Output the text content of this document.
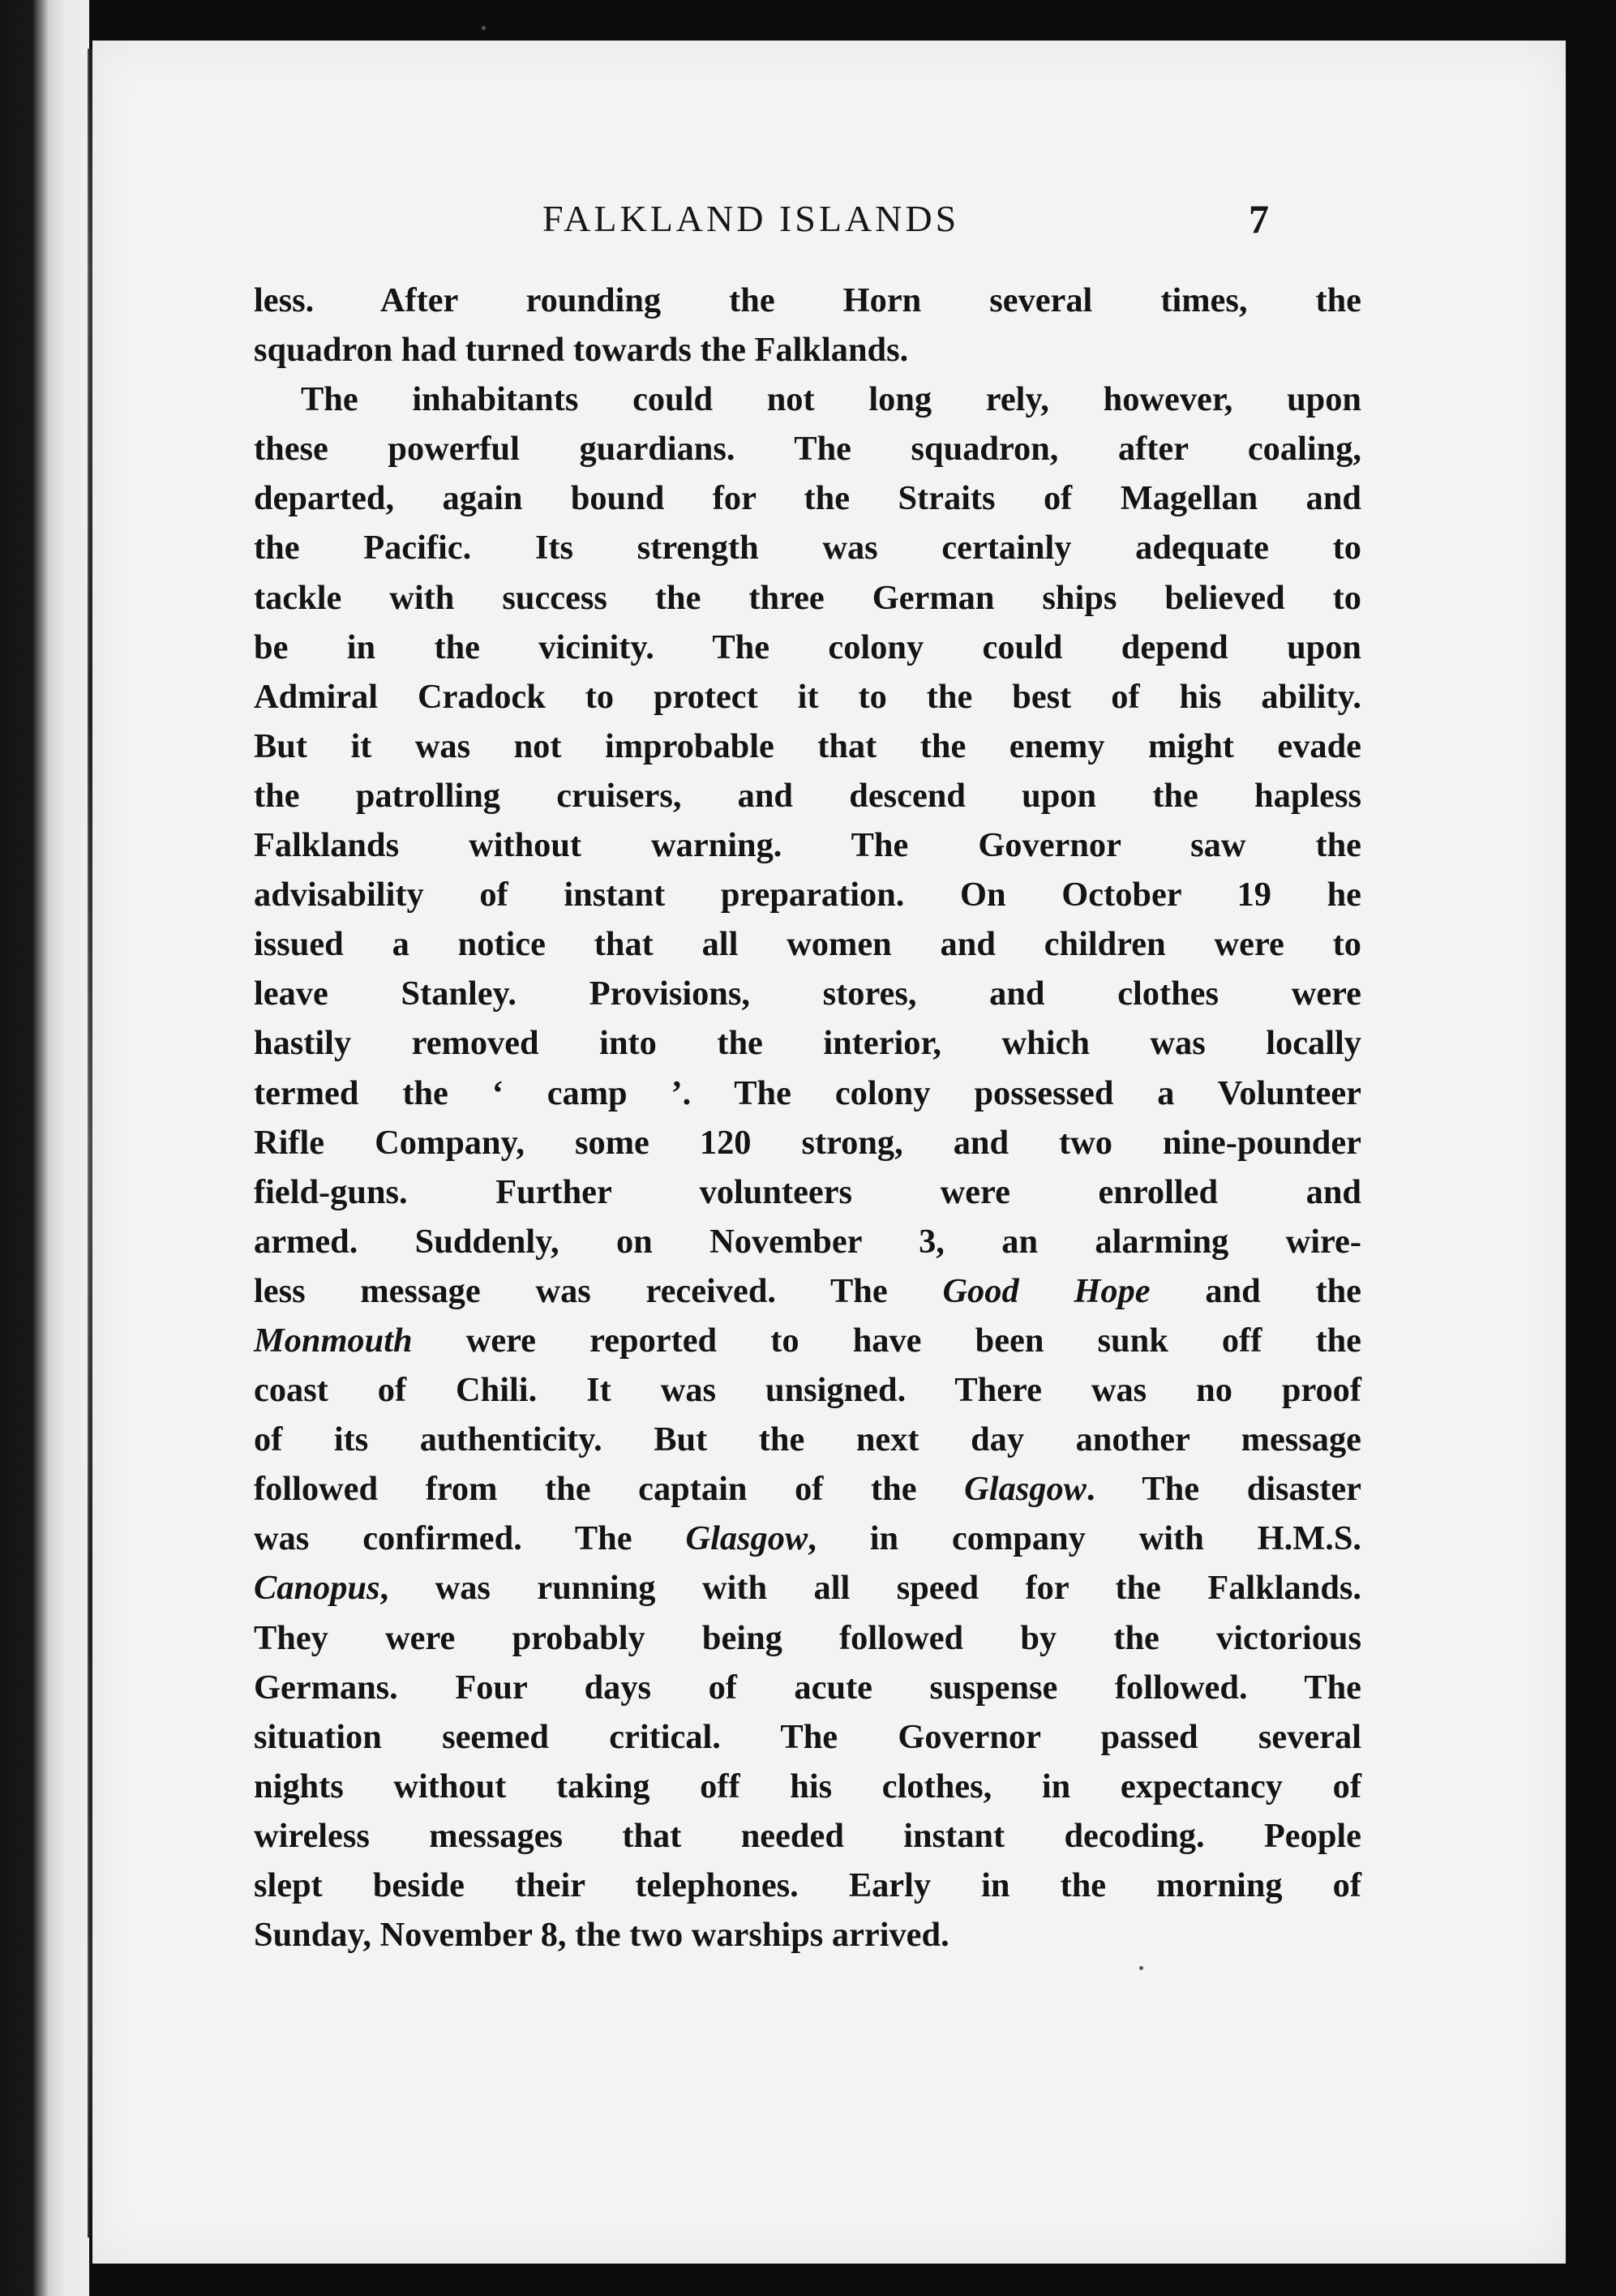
FALKLAND ISLANDS	7
less. After rounding the Horn several times, the
squadron had turned towards the Falklands.
The inhabitants could not long rely, however, upon
these powerful guardians. The squadron, after coaling,
departed, again bound for the Straits of Magellan and
the Pacific. Its strength was certainly adequate to
tackle with success the three German ships believed to
be in the vicinity. The colony could depend upon
Admiral Cradock to protect it to the best of his ability.
But it was not improbable that the enemy might evade
the patrolling cruisers, and descend upon the hapless
Falklands without warning. The Governor saw the
advisability of instant preparation. On October 19 he
issued a notice that all women and children were to
leave Stanley. Provisions, stores, and clothes were
hastily removed into the interior, which was locally
termed the ‘ camp ’. The colony possessed a Volunteer
Rifle Company, some 120 strong, and two nine-pounder
field-guns. Further volunteers were enrolled and
armed. Suddenly, on November 3, an alarming wire-
less message was received. The Good Hope and the
Monmouth were reported to have been sunk off the
coast of Chili. It was unsigned. There was no proof
of its authenticity. But the next day another message
followed from the captain of the Glasgow. The disaster
was confirmed. The Glasgow, in company with H.M.S.
Canopus, was running with all speed for the Falklands.
They were probably being followed by the victorious
Germans. Four days of acute suspense followed. The
situation seemed critical. The Governor passed several
nights without taking off his clothes, in expectancy of
wireless messages that needed instant decoding. People
slept beside their telephones. Early in the morning of
Sunday, November 8, the two warships arrived.
